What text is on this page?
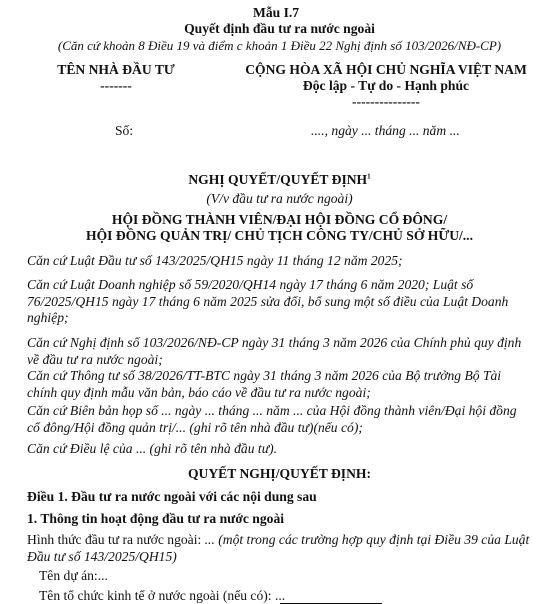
Mẫu I.7
Quyết định đầu tư ra nước ngoài
(Căn cứ khoản 8 Điều 19 và điểm c khoản 1 Điều 22 Nghị định số 103/2026/NĐ-CP)
TÊN NHÀ ĐẦU TƯ
-------
CỘNG HÒA XÃ HỘI CHỦ NGHĨA VIỆT NAM
Độc lập - Tự do - Hạnh phúc
---------------
Số:	...., ngày ... tháng ... năm ...
NGHỊ QUYẾT/QUYẾT ĐỊNH$^1$
(V/v đầu tư ra nước ngoài)
HỘI ĐỒNG THÀNH VIÊN/ĐẠI HỘI ĐỒNG CỔ ĐÔNG/
HỘI ĐỒNG QUẢN TRỊ/ CHỦ TỊCH CÔNG TY/CHỦ SỞ HỮU/...
Căn cứ Luật Đầu tư số 143/2025/QH15 ngày 11 tháng 12 năm 2025;
Căn cứ Luật Doanh nghiệp số 59/2020/QH14 ngày 17 tháng 6 năm 2020; Luật số 76/2025/QH15 ngày 17 tháng 6 năm 2025 sửa đổi, bổ sung một số điều của Luật Doanh nghiệp;
Căn cứ Nghị định số 103/2026/NĐ-CP ngày 31 tháng 3 năm 2026 của Chính phủ quy định về đầu tư ra nước ngoài;
Căn cứ Thông tư số 38/2026/TT-BTC ngày 31 tháng 3 năm 2026 của Bộ trưởng Bộ Tài chính quy định mẫu văn bản, báo cáo về đầu tư ra nước ngoài;
Căn cứ Biên bản họp số ... ngày ... tháng ... năm ... của Hội đồng thành viên/Đại hội đồng cổ đông/Hội đồng quản trị/... (ghi rõ tên nhà đầu tư)(nếu có);
Căn cứ Điều lệ của ... (ghi rõ tên nhà đầu tư).
QUYẾT NGHỊ/QUYẾT ĐỊNH:
Điều 1. Đầu tư ra nước ngoài với các nội dung sau
1. Thông tin hoạt động đầu tư ra nước ngoài
Hình thức đầu tư ra nước ngoài: ... (một trong các trường hợp quy định tại Điều 39 của Luật Đầu tư số 143/2025/QH15)
Tên dự án:...
Tên tổ chức kinh tế ở nước ngoài (nếu có): ...
